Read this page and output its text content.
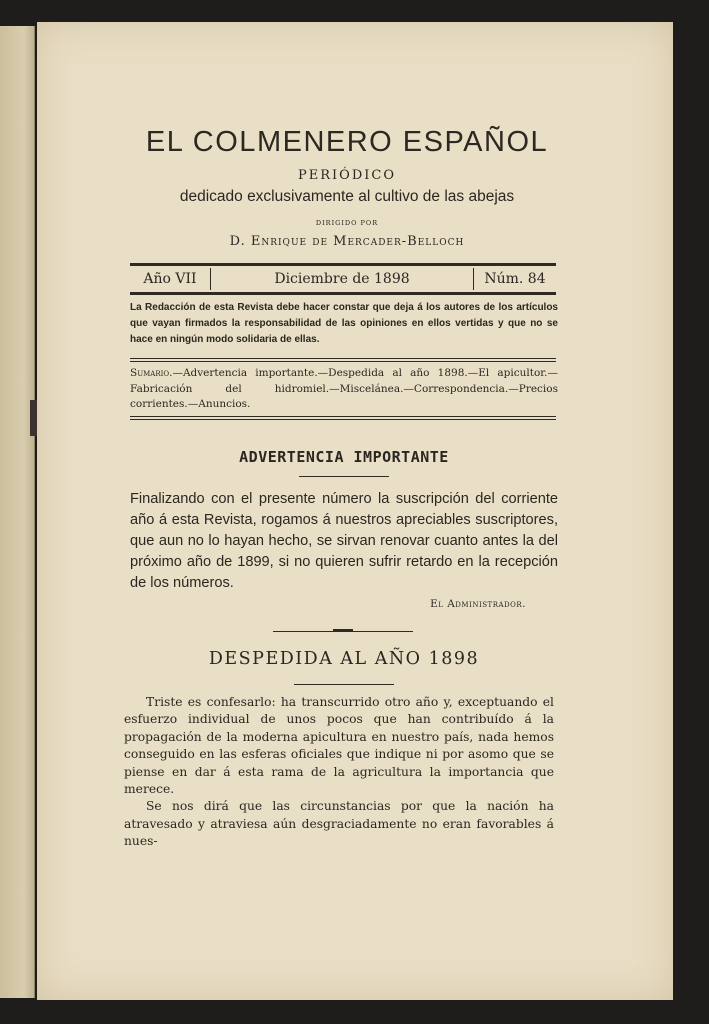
EL COLMENERO ESPAÑOL
PERIÓDICO
dedicado exclusivamente al cultivo de las abejas
DIRIGIDO POR
D. Enrique de Mercader-Belloch
Año VII	Diciembre de 1898	Núm. 84
La Redacción de esta Revista debe hacer constar que deja á los autores de los artículos que vayan firmados la responsabilidad de las opiniones en ellos vertidas y que no se hace en ningún modo solidaria de ellas.
Sumario.—Advertencia importante.—Despedida al año 1898.—El apicultor.—Fabricación del hidromiel.—Miscelánea.—Correspondencia.—Precios corrientes.—Anuncios.
ADVERTENCIA IMPORTANTE
Finalizando con el presente número la suscripción del corriente año á esta Revista, rogamos á nuestros apreciables suscriptores, que aun no lo hayan hecho, se sirvan renovar cuanto antes la del próximo año de 1899, si no quieren sufrir retardo en la recepción de los números.
El Administrador.
DESPEDIDA AL AÑO 1898

Triste es confesarlo: ha transcurrido otro año y, exceptuando el esfuerzo individual de unos pocos que han contribuído á la propagación de la moderna apicultura en nuestro país, nada hemos conseguido en las esferas oficiales que indique ni por asomo que se piense en dar á esta rama de la agricultura la importancia que merece.

Se nos dirá que las circunstancias por que la nación ha atravesado y atraviesa aún desgraciadamente no eran favorables á nues-
